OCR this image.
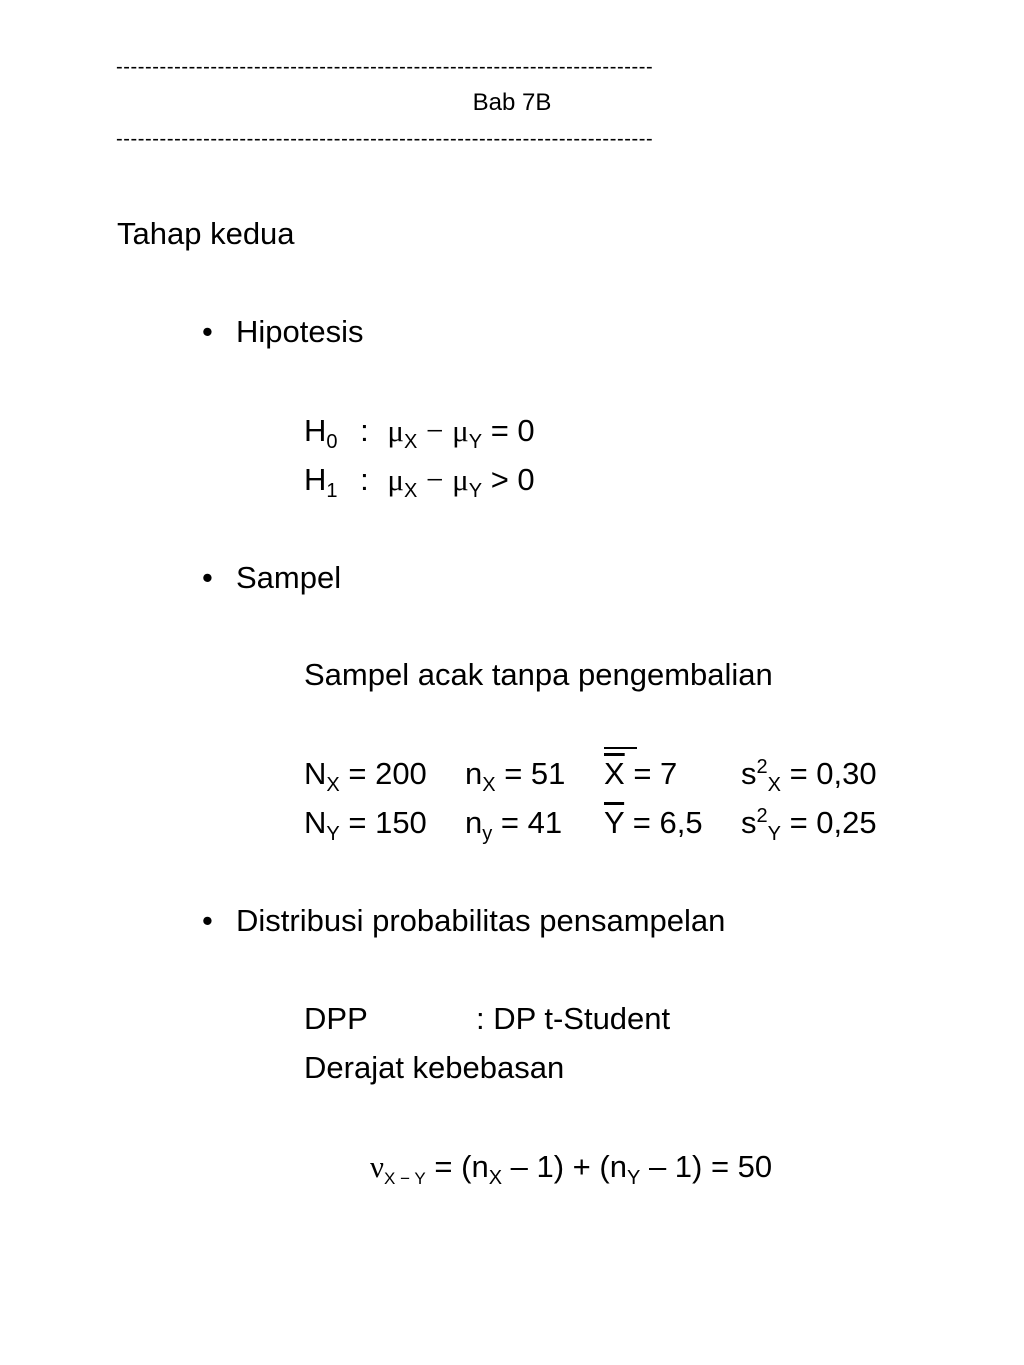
--------------------------------------------------------------------------
Bab 7B
--------------------------------------------------------------------------
Tahap kedua
• Hipotesis
$H_0$ : $\mu_X - \mu_Y = 0$
$H_1$ : $\mu_X - \mu_Y > 0$
• Sampel
Sampel acak tanpa pengembalian
$N_X = 200$ $n_X = 51$ $\overline{X} = 7$ $s^2_X = 0,30$
$N_Y = 150$ $n_y = 41$ $\overline{Y} = 6,5$ $s^2_Y = 0,25$
• Distribusi probabilitas pensampelan
DPP	: DP t-Student
Derajat kebebasan
$\nu_{X - Y} = (n_X - 1) + (n_Y - 1) = 50$
